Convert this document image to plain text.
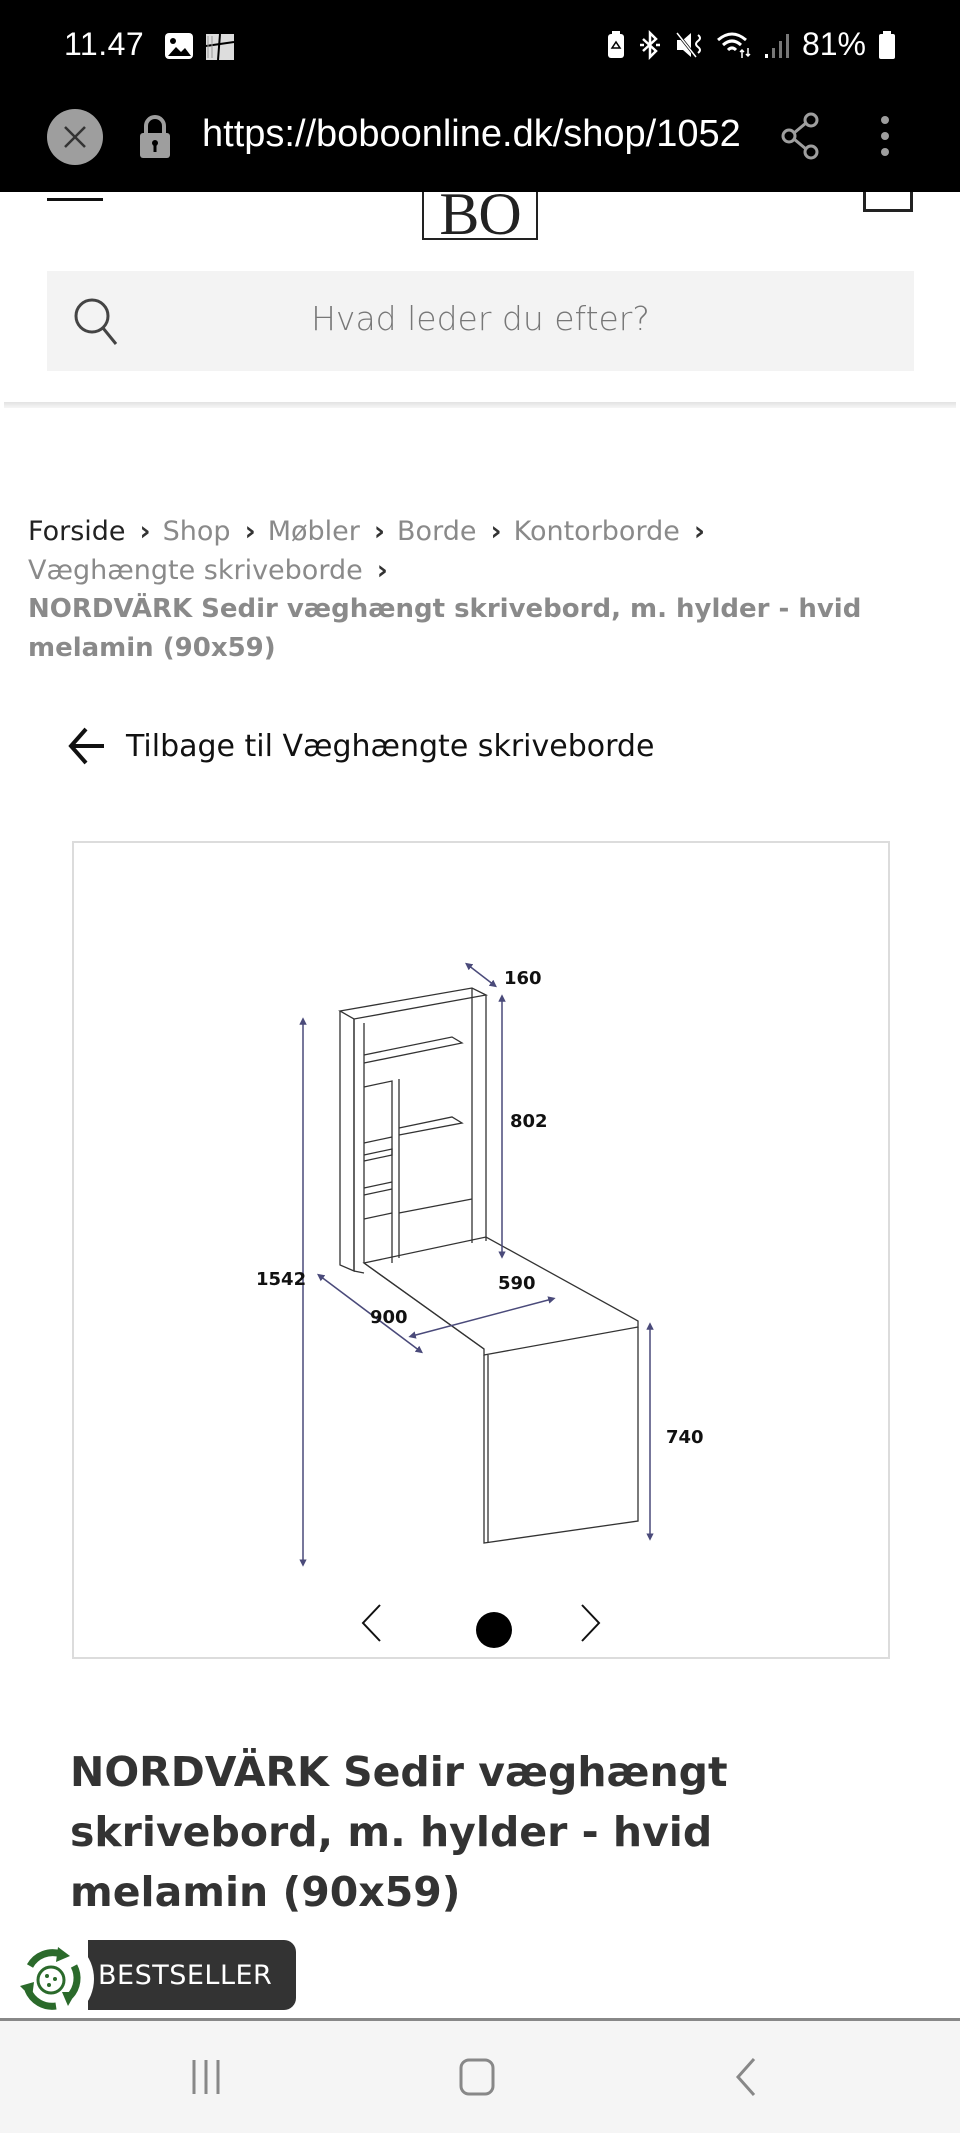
11.47	81%
https://boboonline.dk/shop/1052
BO
Hvad leder du efter?
Forside › Shop › Møbler › Borde › Kontorborde ›
Væghængte skriveborde ›
NORDVÄRK Sedir væghængt skrivebord, m. hylder - hvid melamin (90x59)
Tilbage til Væghængte skriveborde
160
802
1542	590
900
740
NORDVÄRK Sedir væghængt skrivebord, m. hylder - hvid melamin (90x59)
BESTSELLER
